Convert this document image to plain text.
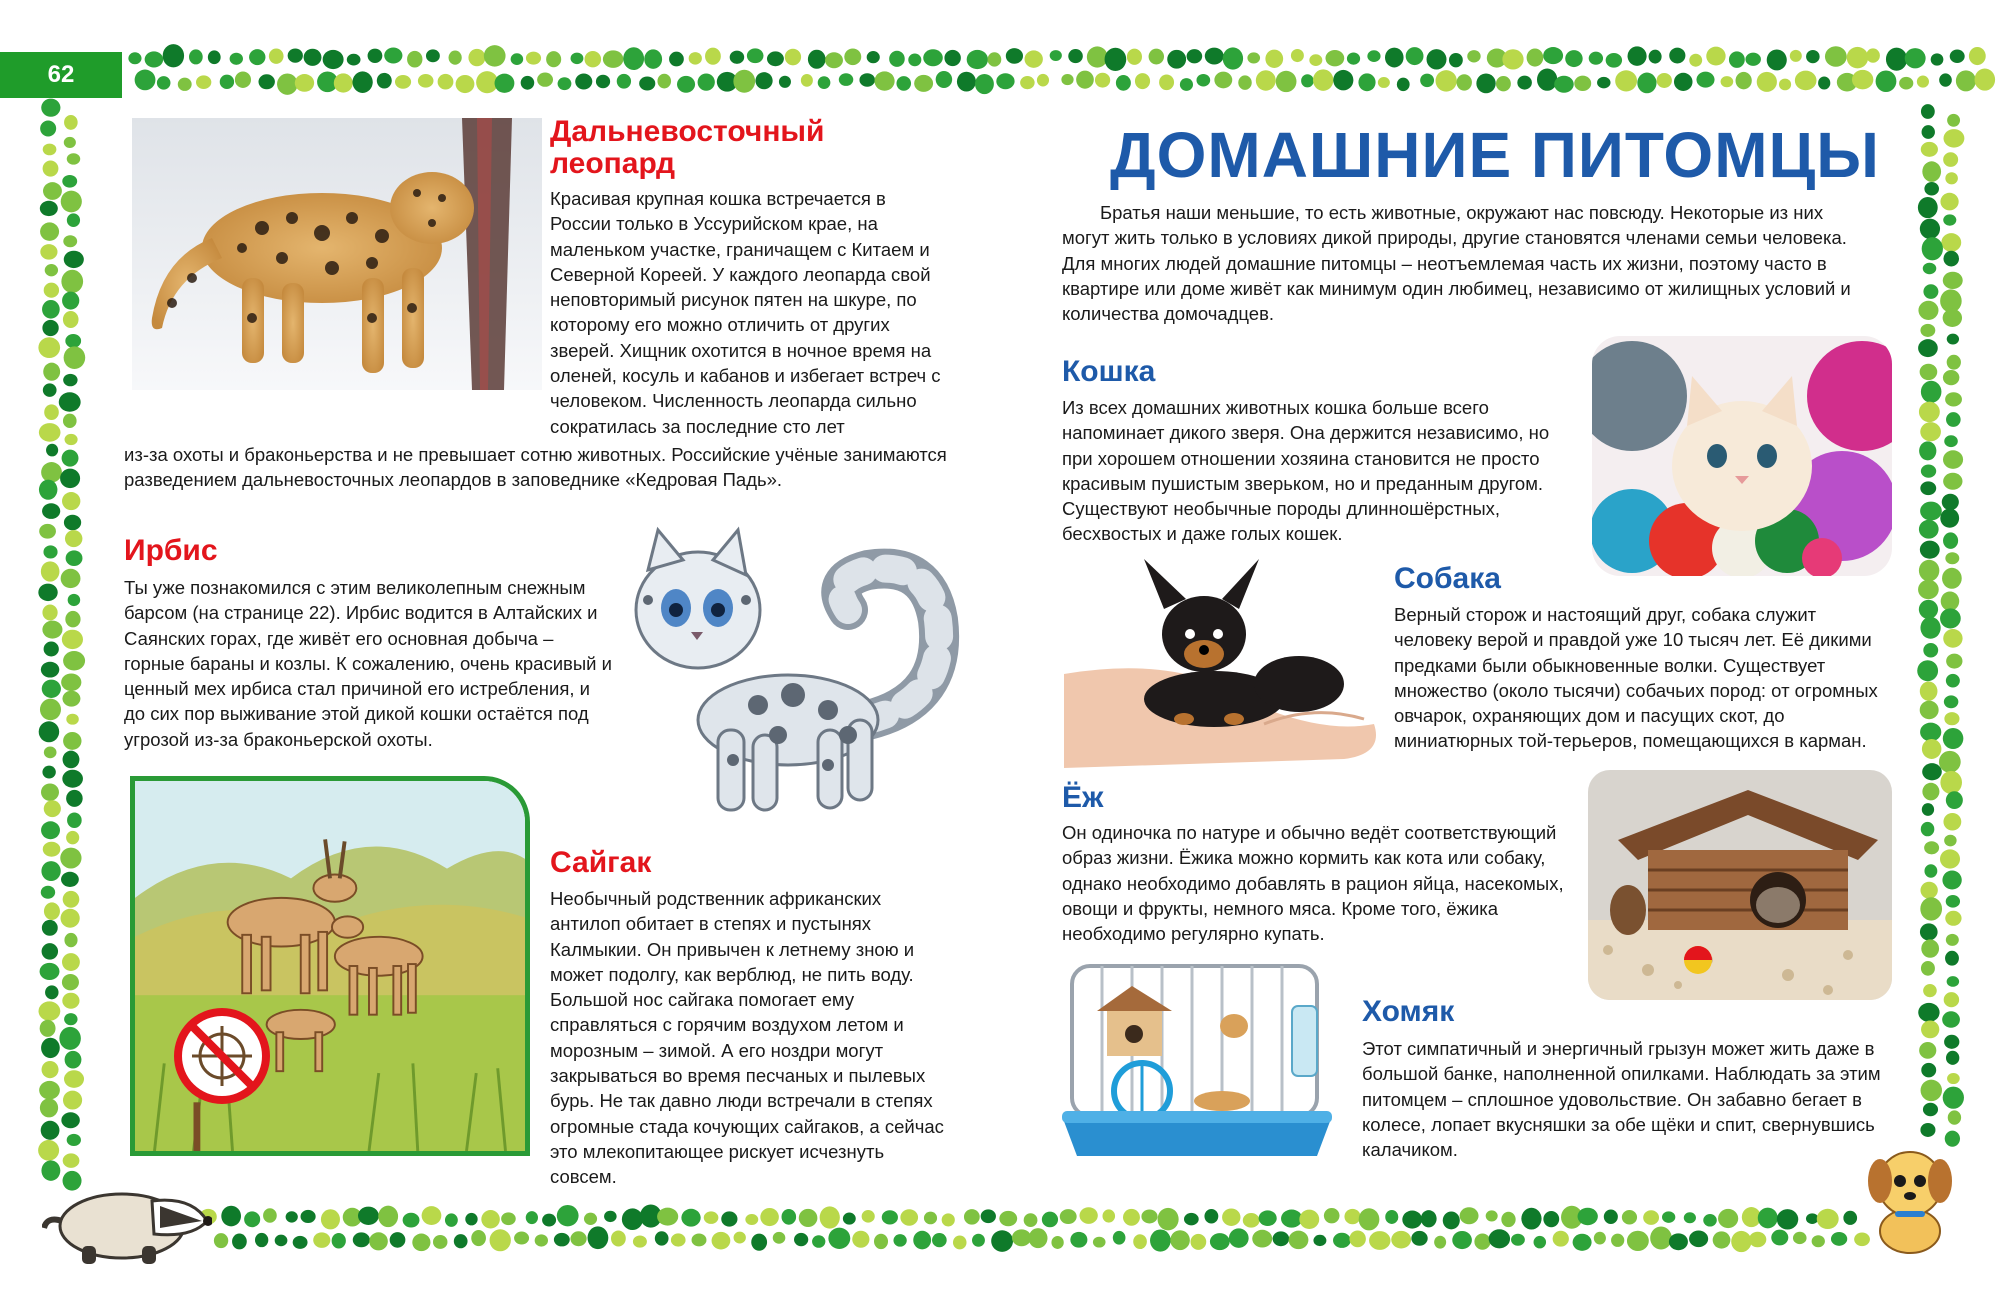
62
Дальневосточный
леопард

Красивая крупная кошка встречается в России только в Уссурийском крае, на маленьком участке, граничащем с Китаем и Северной Кореей. У каждого леопарда свой неповторимый рисунок пятен на шкуре, по которому его можно отличить от других зверей. Хищник охотится в ночное время на оленей, косуль и кабанов и избегает встреч с человеком. Численность леопарда сильно сократилась за последние сто лет

из-за охоты и браконьерства и не превышает сотню животных. Российские учёные занимаются разведением дальневосточных леопардов в заповеднике «Кедровая Падь».

Ирбис

Ты уже познакомился с этим великолепным снежным барсом (на странице 22). Ирбис водится в Алтайских и Саянских горах, где живёт его основная добыча – горные бараны и козлы. К сожалению, очень красивый и ценный мех ирбиса стал причиной его истребления, и до сих пор выживание этой дикой кошки остаётся под угрозой из-за браконьерской охоты.

Сайгак

Необычный родственник африканских антилоп обитает в степях и пустынях Калмыкии. Он привычен к летнему зною и может подолгу, как верблюд, не пить воду. Большой нос сайгака помогает ему справляться с горячим воздухом летом и морозным – зимой. А его ноздри могут закрываться во время песчаных и пылевых бурь. Не так давно люди встречали в степях огромные стада кочующих сайгаков, а сейчас это млекопитающее рискует исчезнуть совсем.

ДОМАШНИЕ ПИТОМЦЫ

Братья наши меньшие, то есть животные, окружают нас повсюду. Некоторые из них могут жить только в условиях дикой природы, другие становятся членами семьи человека. Для многих людей домашние питомцы – неотъемлемая часть их жизни, поэтому часто в квартире или доме живёт как минимум один любимец, независимо от жилищных условий и количества домочадцев.

Кошка

Из всех домашних животных кошка больше всего напоминает дикого зверя. Она держится независимо, но при хорошем отношении хозяина становится не просто красивым пушистым зверьком, но и преданным другом. Существуют необычные породы длинношёрстных, бесхвостых и даже голых кошек.

Собака

Верный сторож и настоящий друг, собака служит человеку верой и правдой уже 10 тысяч лет. Её дикими предками были обыкновенные волки. Существует множество (около тысячи) собачьих пород: от огромных овчарок, охраняющих дом и пасущих скот, до миниатюрных той-терьеров, помещающихся в карман.

Ёж

Он одиночка по натуре и обычно ведёт соответствующий образ жизни. Ёжика можно кормить как кота или собаку, однако необходимо добавлять в рацион яйца, насекомых, овощи и фрукты, немного мяса. Кроме того, ёжика необходимо регулярно купать.

Хомяк

Этот симпатичный и энергичный грызун может жить даже в большой банке, наполненной опилками. Наблюдать за этим питомцем – сплошное удовольствие. Он забавно бегает в колесе, лопает вкусняшки за обе щёки и спит, свернувшись калачиком.
